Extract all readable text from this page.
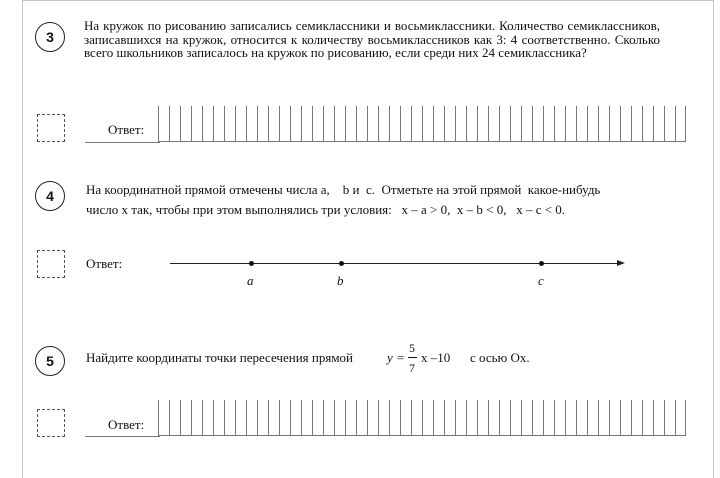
3
На кружок по рисованию записались семиклассники и восьмиклассники. Количество семиклассников, записавшихся на кружок, относится к количеству восьмиклассников как 3: 4 соответственно. Сколько всего школьников записалось на кружок по рисованию, если среди них 24 семиклассника?
Ответ:
4	На координатной прямой отмечены числа a,    b и  c.  Отметьте на этой прямой  какое-нибудь
число x так, чтобы при этом выполнялись три условия:   x – a > 0,  x – b < 0,   x – c < 0.
Ответ:
a	b	c
5	Найдите координаты точки пересечения прямой	y =
5
7
x –10 с осью Ox.
Ответ:
